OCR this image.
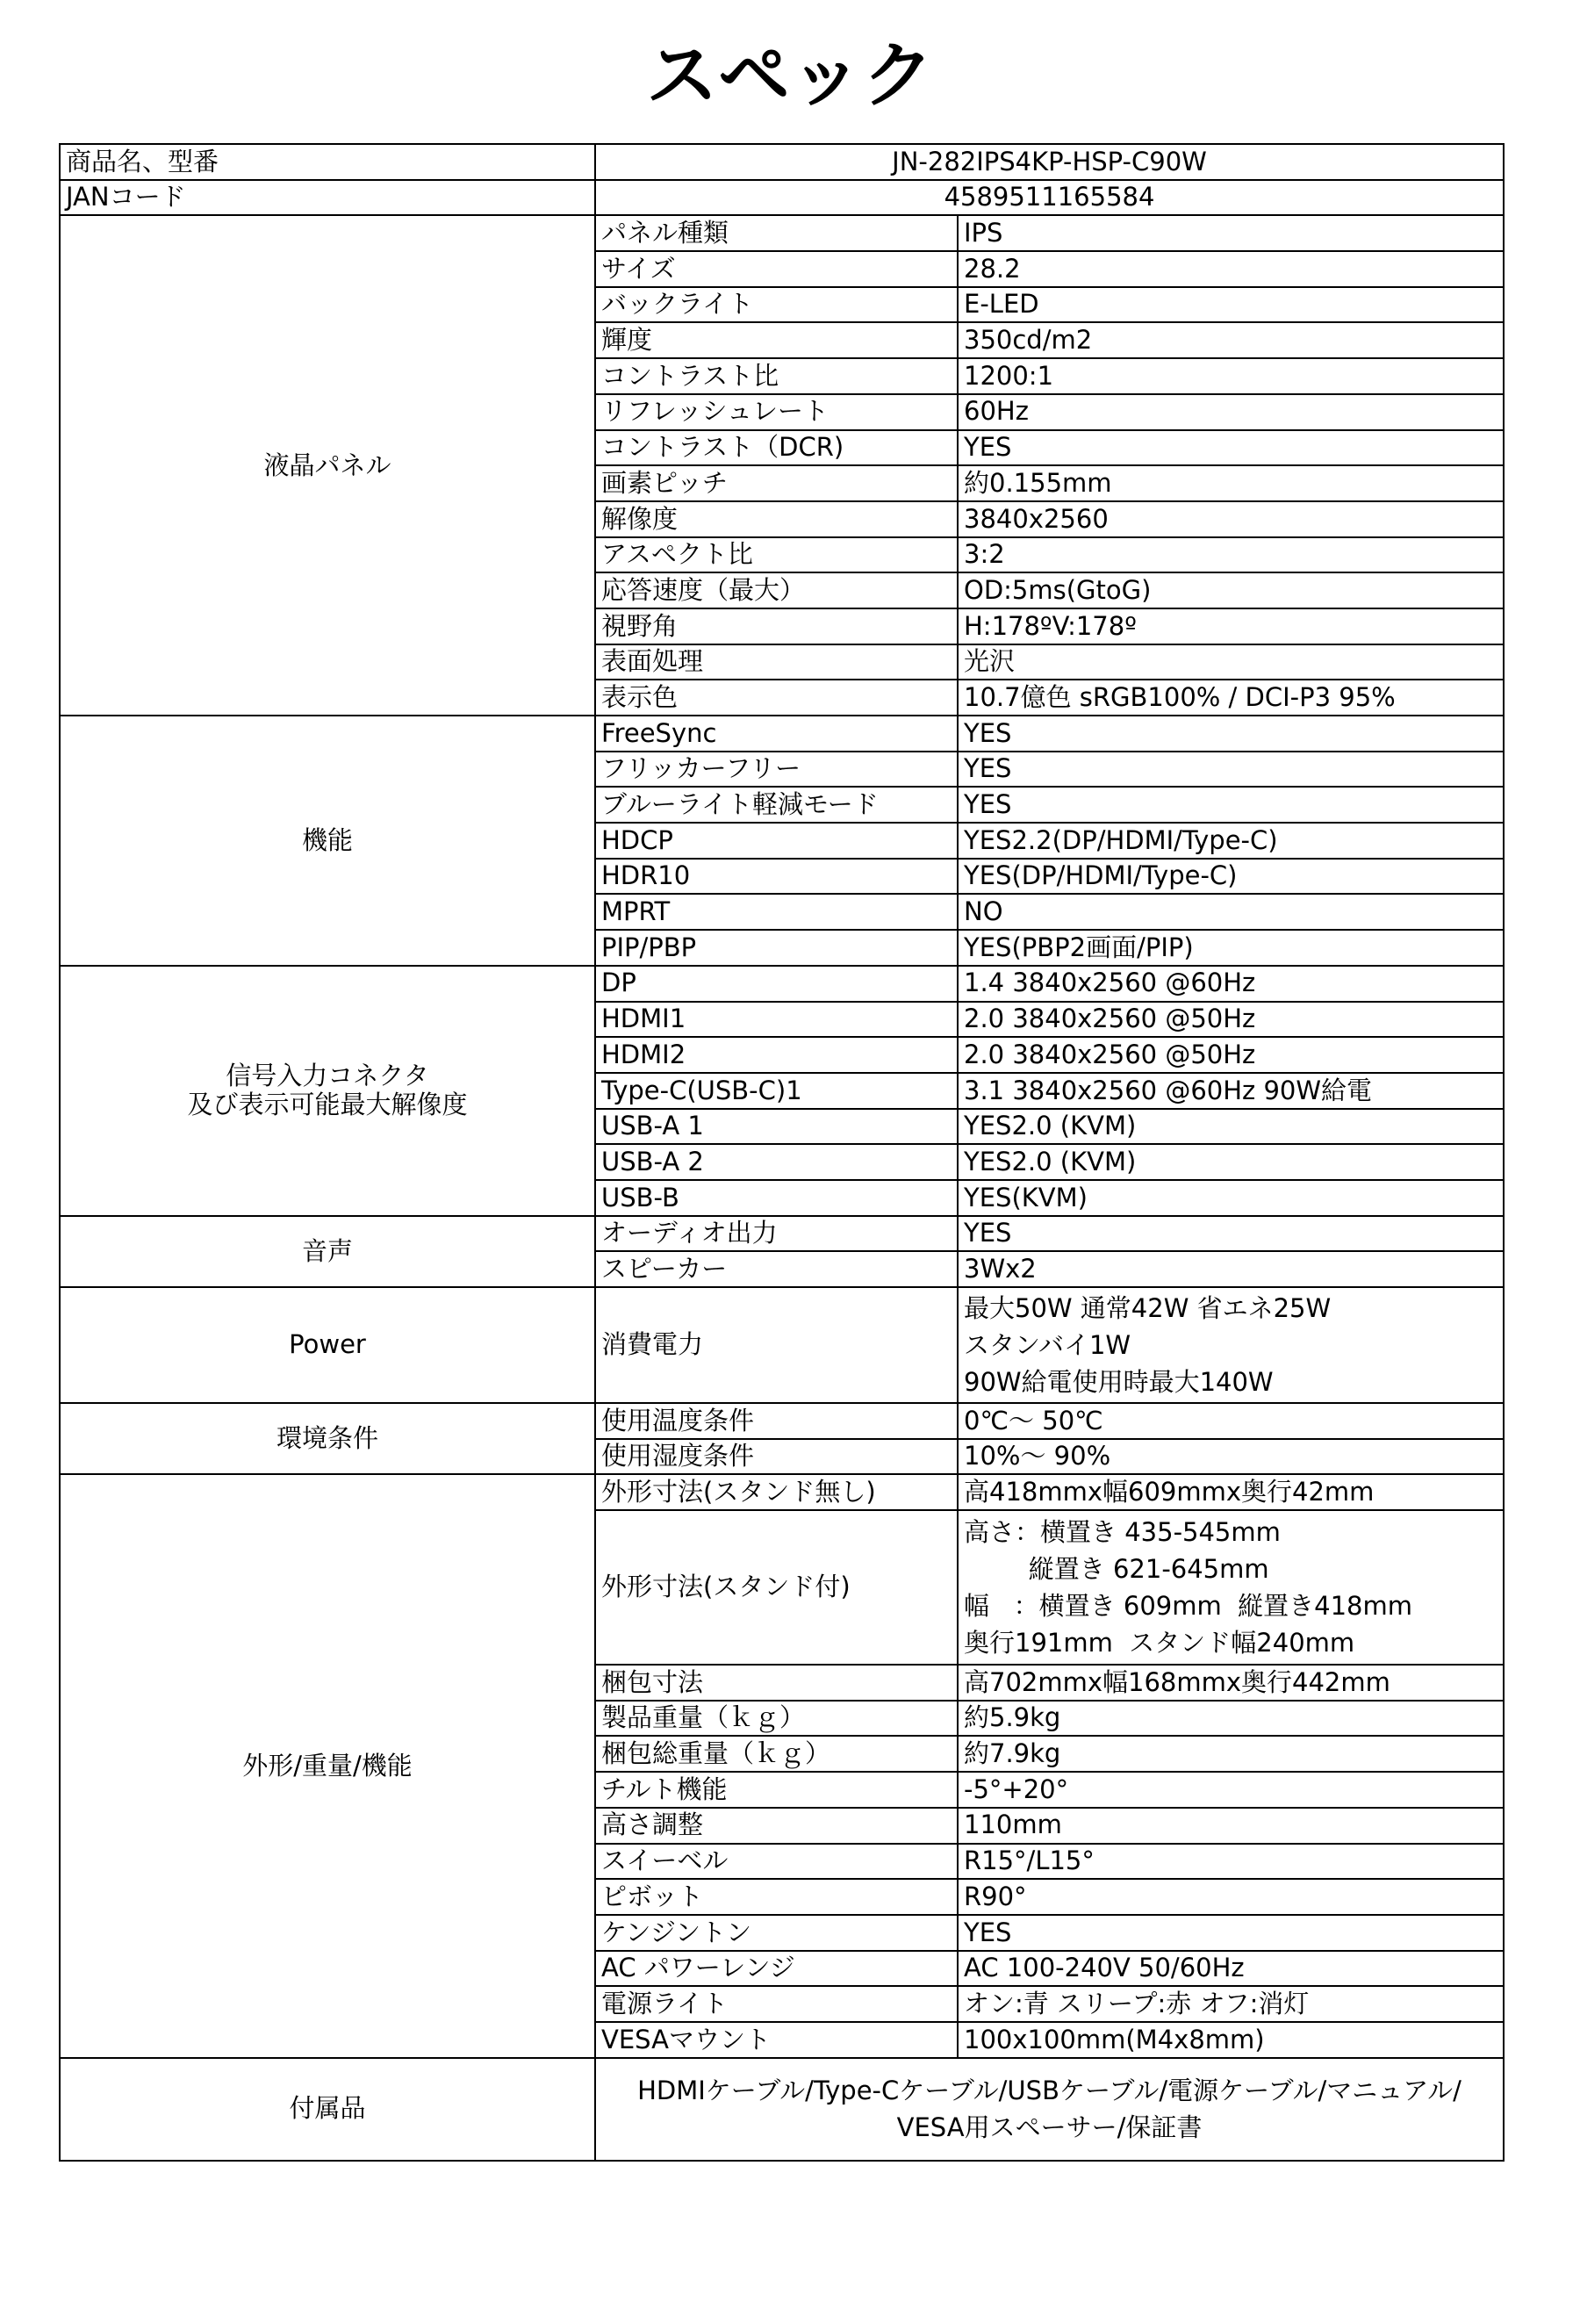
スペック
商品名、型番	JN-282IPS4KP-HSP-C90W	
JANコード	4589511165584	
液晶パネル	パネル種類	IPS
	サイズ	28.2
	バックライト	E-LED
	輝度	350cd/m2
	コントラスト比	1200:1
	リフレッシュレート	60Hz
	コントラスト（DCR)	YES
	画素ピッチ	約0.155mm
	解像度	3840x2560
	アスペクト比	3:2
	応答速度（最大）	OD:5ms(GtoG)
	視野角	H:178ºV:178º
	表面処理	光沢
	表示色	10.7億色 sRGB100% / DCI-P3 95%
機能	FreeSync	YES
	フリッカーフリー	YES
	ブルーライト軽減モード	YES
	HDCP	YES2.2(DP/HDMI/Type-C)
	HDR10	YES(DP/HDMI/Type-C)
	MPRT	NO
	PIP/PBP	YES(PBP2画面/PIP)

信号入力コネクタ
及び表示可能最大解像度	DP	1.4 3840x2560 @60Hz
	HDMI1	2.0 3840x2560 @50Hz
	HDMI2	2.0 3840x2560 @50Hz
	Type-C(USB-C)1	3.1 3840x2560 @60Hz 90W給電
	USB-A 1	YES2.0 (KVM)
	USB-A 2	YES2.0 (KVM)
	USB-B	YES(KVM)
音声	オーディオ出力	YES
	スピーカー	3Wx2
Power	消費電力	最大50W 通常42W 省エネ25W
スタンバイ1W
90W給電使用時最大140W

環境条件	使用温度条件	0℃～ 50℃
	使用湿度条件	10%～ 90%
外形/重量/機能	外形寸法(スタンド無し)	高418mmx幅609mmx奥行42mm
	外形寸法(スタンド付)	高さ：横置き 435-545mm
縦置き 621-645mm
幅   ：横置き 609mm  縦置き418mm
奥行191mm  スタンド幅240mm

	梱包寸法	高702mmx幅168mmx奥行442mm
	製品重量（ｋｇ）	約5.9kg
	梱包総重量（ｋｇ）	約7.9kg
	チルト機能	-5°+20°
	高さ調整	110mm
	スイーベル	R15°/L15°
	ピボット	R90°
	ケンジントン	YES
	AC パワーレンジ	AC 100-240V 50/60Hz
	電源ライト	オン:青 スリープ:赤 オフ:消灯
	VESAマウント	100x100mm(M4x8mm)
付属品	HDMIケーブル/Type-Cケーブル/USBケーブル/電源ケーブル/マニュアル/
VESA用スペーサー/保証書	
